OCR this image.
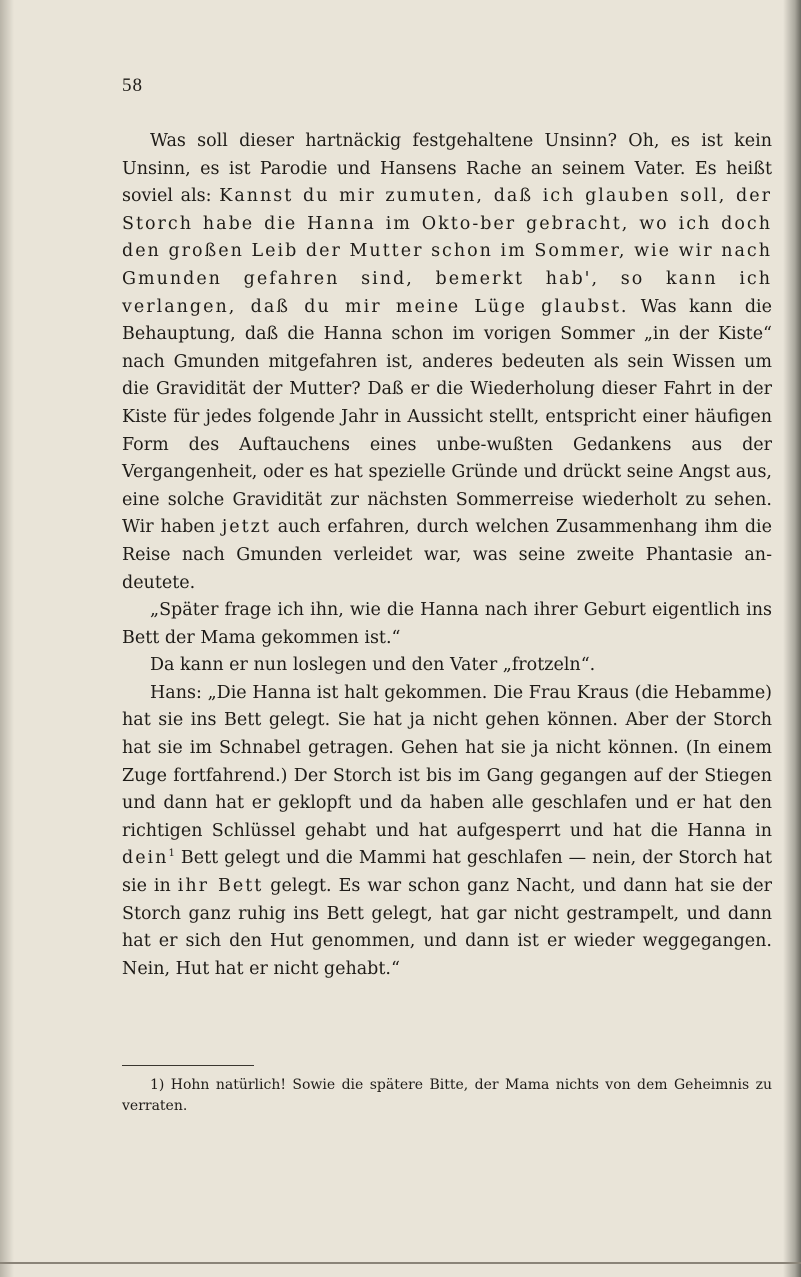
58

Was soll dieser hartnäckig festgehaltene Unsinn? Oh, es ist kein Unsinn, es ist Parodie und Hansens Rache an seinem Vater. Es heißt soviel als: Kannst du mir zumuten, daß ich glauben soll, der Storch habe die Hanna im Okto-ber gebracht, wo ich doch den großen Leib der Mutter schon im Sommer, wie wir nach Gmunden gefahren sind, bemerkt hab', so kann ich verlangen, daß du mir meine Lüge glaubst. Was kann die Behauptung, daß die Hanna schon im vorigen Sommer „in der Kiste“ nach Gmunden mitgefahren ist, anderes bedeuten als sein Wissen um die Gravidität der Mutter? Daß er die Wiederholung dieser Fahrt in der Kiste für jedes folgende Jahr in Aussicht stellt, entspricht einer häufigen Form des Auftauchens eines unbe-wußten Gedankens aus der Vergangenheit, oder es hat spezielle Gründe und drückt seine Angst aus, eine solche Gravidität zur nächsten Sommerreise wiederholt zu sehen. Wir haben jetzt auch erfahren, durch welchen Zusammenhang ihm die Reise nach Gmunden verleidet war, was seine zweite Phantasie an-deutete.

„Später frage ich ihn, wie die Hanna nach ihrer Geburt eigentlich ins Bett der Mama gekommen ist.“

Da kann er nun loslegen und den Vater „frotzeln“.

Hans: „Die Hanna ist halt gekommen. Die Frau Kraus (die Hebamme) hat sie ins Bett gelegt. Sie hat ja nicht gehen können. Aber der Storch hat sie im Schnabel getragen. Gehen hat sie ja nicht können. (In einem Zuge fortfahrend.) Der Storch ist bis im Gang gegangen auf der Stiegen und dann hat er geklopft und da haben alle geschlafen und er hat den richtigen Schlüssel gehabt und hat aufgesperrt und hat die Hanna in dein$^1$ Bett gelegt und die Mammi hat geschlafen — nein, der Storch hat sie in ihr Bett gelegt. Es war schon ganz Nacht, und dann hat sie der Storch ganz ruhig ins Bett gelegt, hat gar nicht gestrampelt, und dann hat er sich den Hut genommen, und dann ist er wieder weggegangen. Nein, Hut hat er nicht gehabt.“

1) Hohn natürlich! Sowie die spätere Bitte, der Mama nichts von dem Geheimnis zu verraten.
